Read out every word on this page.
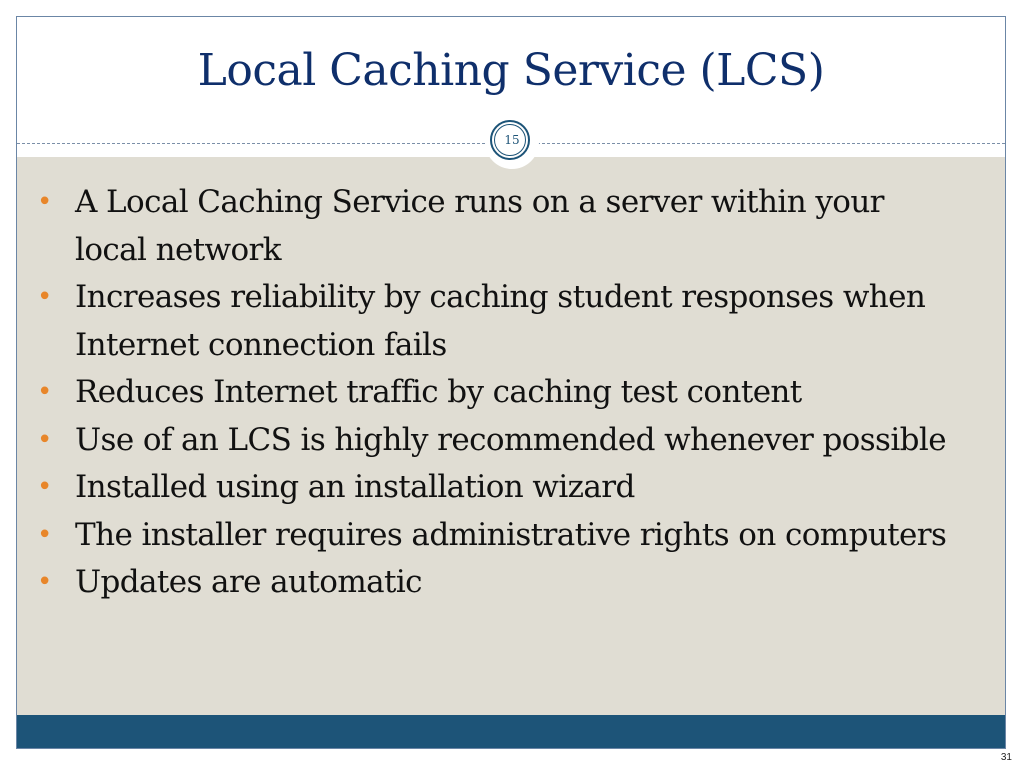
Local Caching Service (LCS)
15
• A Local Caching Service runs on a server within your local network
• Increases reliability by caching student responses when Internet connection fails
• Reduces Internet traffic by caching test content
• Use of an LCS is highly recommended whenever possible
• Installed using an installation wizard
• The installer requires administrative rights on computers
• Updates are automatic
31
